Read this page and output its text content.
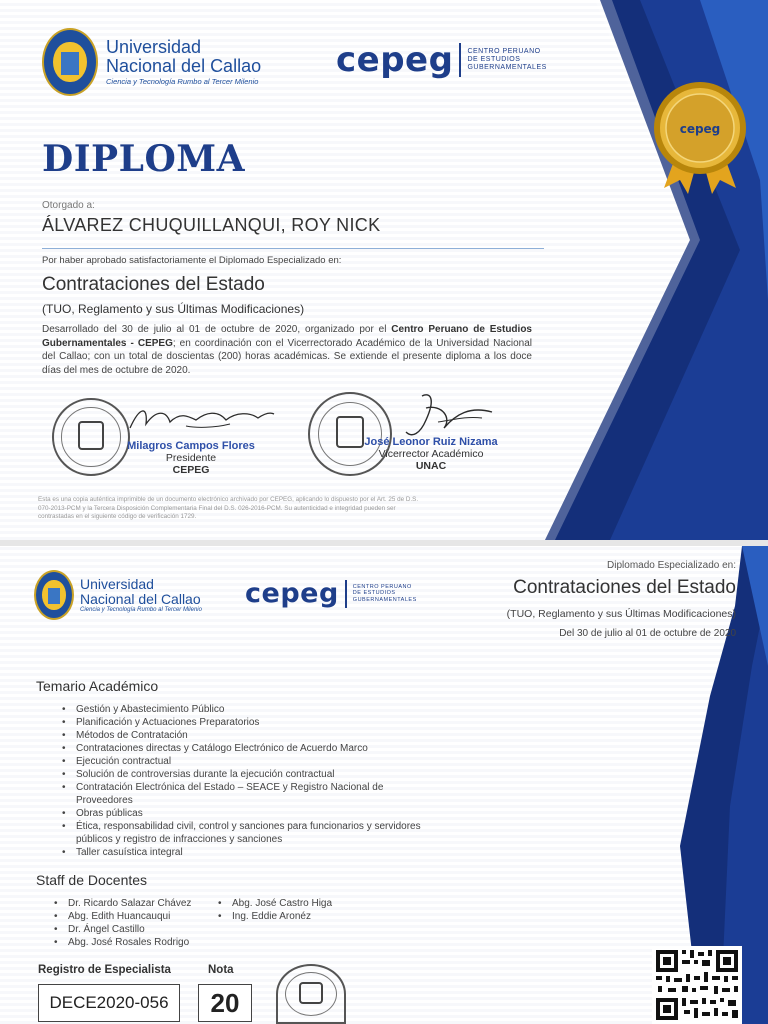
Universidad
Nacional del Callao
Ciencia y Tecnología Rumbo al Tercer Milenio
cepeg CENTRO PERUANO
DE ESTUDIOS
GUBERNAMENTALES
cepeg
DIPLOMA
Otorgado a:
ÁLVAREZ CHUQUILLANQUI, ROY NICK
Por haber aprobado satisfactoriamente el Diplomado Especializado en:
Contrataciones del Estado
(TUO, Reglamento y sus Últimas Modificaciones)
Desarrollado del 30 de julio al 01 de octubre de 2020, organizado por el Centro Peruano de Estudios Gubernamentales - CEPEG; en coordinación con el Vicerrectorado Académico de la Universidad Nacional del Callao; con un total de doscientas (200) horas académicas. Se extiende el presente diploma a los doce días del mes de octubre de 2020.
Milagros Campos Flores
Presidente
CEPEG
José Leonor Ruiz Nizama
Vicerrector Académico
UNAC
Esta es una copia auténtica imprimible de un documento electrónico archivado por CEPEG, aplicando lo dispuesto por el Art. 25 de D.S. 070-2013-PCM y la Tercera Disposición Complementaria Final del D.S. 026-2016-PCM. Su autenticidad e integridad pueden ser contrastadas en el siguiente código de verificación 1729.
Universidad
Nacional del Callao
Ciencia y Tecnología Rumbo al Tercer Milenio
cepeg	CENTRO PERUANO
DE ESTUDIOS
GUBERNAMENTALES
Diplomado Especializado en:
Contrataciones del Estado
(TUO, Reglamento y sus Últimas Modificaciones)
Del 30 de julio al 01 de octubre de 2020
Temario Académico
• Gestión y Abastecimiento Público
• Planificación y Actuaciones Preparatorios
• Métodos de Contratación
• Contrataciones directas y Catálogo Electrónico de Acuerdo Marco
• Ejecución contractual
• Solución de controversias durante la ejecución contractual
• Contratación Electrónica del Estado – SEACE y Registro Nacional de Proveedores
• Obras públicas
• Ética, responsabilidad civil, control y sanciones para funcionarios y servidores públicos y registro de infracciones y sanciones
• Taller casuística integral
Staff de Docentes
• Dr. Ricardo Salazar Chávez
• Abg. Edith Huancauqui
• Dr. Ángel Castillo
• Abg. José Rosales Rodrigo
• Abg. José Castro Higa
• Ing. Eddie Aronéz
Registro de Especialista
DECE2020-056
Nota
20
